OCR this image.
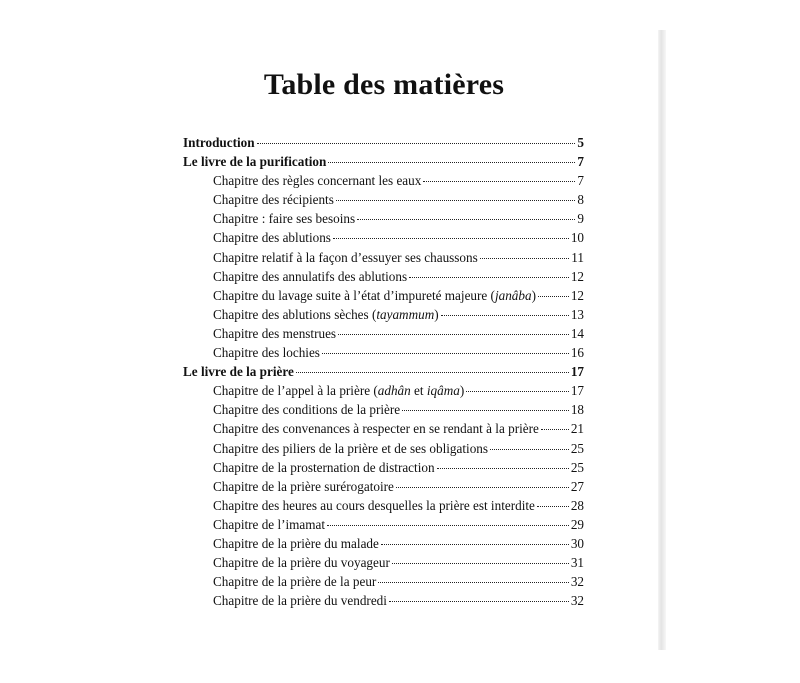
Table des matières
Introduction	5
Le livre de la purification	7
Chapitre des règles concernant les eaux	7
Chapitre des récipients	8
Chapitre : faire ses besoins	9
Chapitre des ablutions	10
Chapitre relatif à la façon d’essuyer ses chaussons	11
Chapitre des annulatifs des ablutions	12
Chapitre du lavage suite à l’état d’impureté majeure (janâba)	12
Chapitre des ablutions sèches (tayammum)	13
Chapitre des menstrues	14
Chapitre des lochies	16
Le livre de la prière	17
Chapitre de l’appel à la prière (adhân et iqâma)	17
Chapitre des conditions de la prière	18
Chapitre des convenances à respecter en se rendant à la prière 21
Chapitre des piliers de la prière et de ses obligations	25
Chapitre de la prosternation de distraction	25
Chapitre de la prière surérogatoire	27
Chapitre des heures au cours desquelles la prière est interdite	28
Chapitre de l’imamat	29
Chapitre de la prière du malade	30
Chapitre de la prière du voyageur	31
Chapitre de la prière de la peur	32
Chapitre de la prière du vendredi	32
